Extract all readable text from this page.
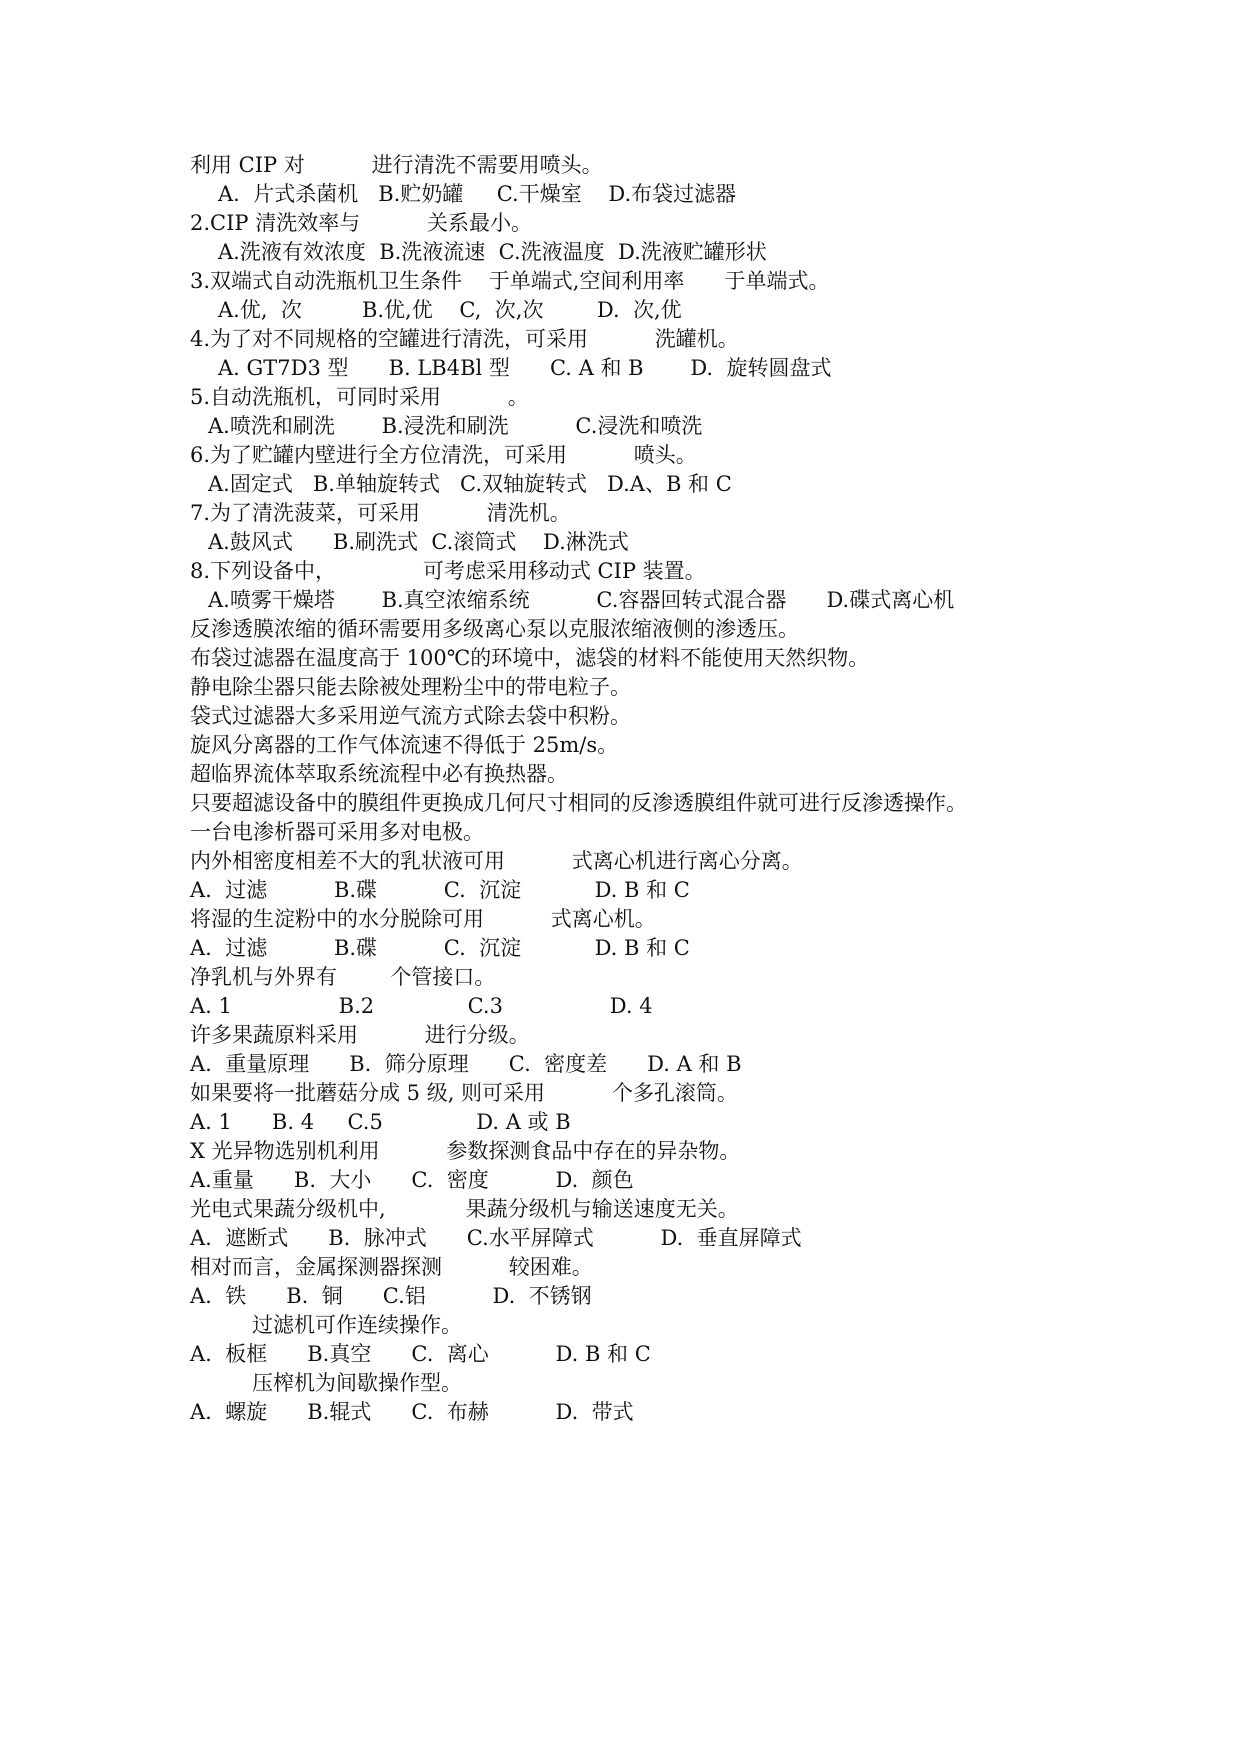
利用 CIP 对          进行清洗不需要用喷头。
A.  片式杀菌机   B.贮奶罐     C.干燥室    D.布袋过滤器
2.CIP 清洗效率与          关系最小。
A.洗液有效浓度  B.洗液流速  C.洗液温度  D.洗液贮罐形状
3.双端式自动洗瓶机卫生条件    于单端式,空间利用率      于单端式。
A.优,  次         B.优,优    C,  次,次        D.  次,优
4.为了对不同规格的空罐进行清洗，可采用          洗罐机。
A. GT7D3 型      B. LB4Bl 型      C. A 和 B       D.  旋转圆盘式
5.自动洗瓶机，可同时采用          。
A.喷洗和刷洗       B.浸洗和刷洗          C.浸洗和喷洗
6.为了贮罐内壁进行全方位清洗，可采用          喷头。
A.固定式   B.单轴旋转式   C.双轴旋转式   D.A、B 和 C
7.为了清洗菠菜，可采用          清洗机。
A.鼓风式      B.刷洗式  C.滚筒式    D.淋洗式
8.下列设备中，             可考虑采用移动式 CIP 装置。
A.喷雾干燥塔       B.真空浓缩系统          C.容器回转式混合器      D.碟式离心机
反渗透膜浓缩的循环需要用多级离心泵以克服浓缩液侧的渗透压。
布袋过滤器在温度高于 100℃的环境中，滤袋的材料不能使用天然织物。
静电除尘器只能去除被处理粉尘中的带电粒子。
袋式过滤器大多采用逆气流方式除去袋中积粉。
旋风分离器的工作气体流速不得低于 25m/s。
超临界流体萃取系统流程中必有换热器。
只要超滤设备中的膜组件更换成几何尺寸相同的反渗透膜组件就可进行反渗透操作。
一台电渗析器可采用多对电极。
内外相密度相差不大的乳状液可用          式离心机进行离心分离。
A.  过滤          B.碟          C.  沉淀           D. B 和 C
将湿的生淀粉中的水分脱除可用          式离心机。
A.  过滤          B.碟          C.  沉淀           D. B 和 C
净乳机与外界有        个管接口。
A. 1                B.2              C.3                D. 4
许多果蔬原料采用          进行分级。
A.  重量原理      B.  筛分原理      C.  密度差      D. A 和 B
如果要将一批蘑菇分成 5 级, 则可采用          个多孔滚筒。
A. 1      B. 4     C.5              D. A 或 B
X 光异物选别机利用          参数探测食品中存在的异杂物。
A.重量      B.  大小      C.  密度          D.  颜色
光电式果蔬分级机中,            果蔬分级机与输送速度无关。
A.  遮断式      B.  脉冲式      C.水平屏障式          D.  垂直屏障式
相对而言，金属探测器探测          较困难。
A.  铁      B.  铜      C.铝          D.  不锈钢
过滤机可作连续操作。
A.  板框      B.真空      C.  离心          D. B 和 C
压榨机为间歇操作型。
A.  螺旋      B.辊式      C.  布赫          D.  带式
